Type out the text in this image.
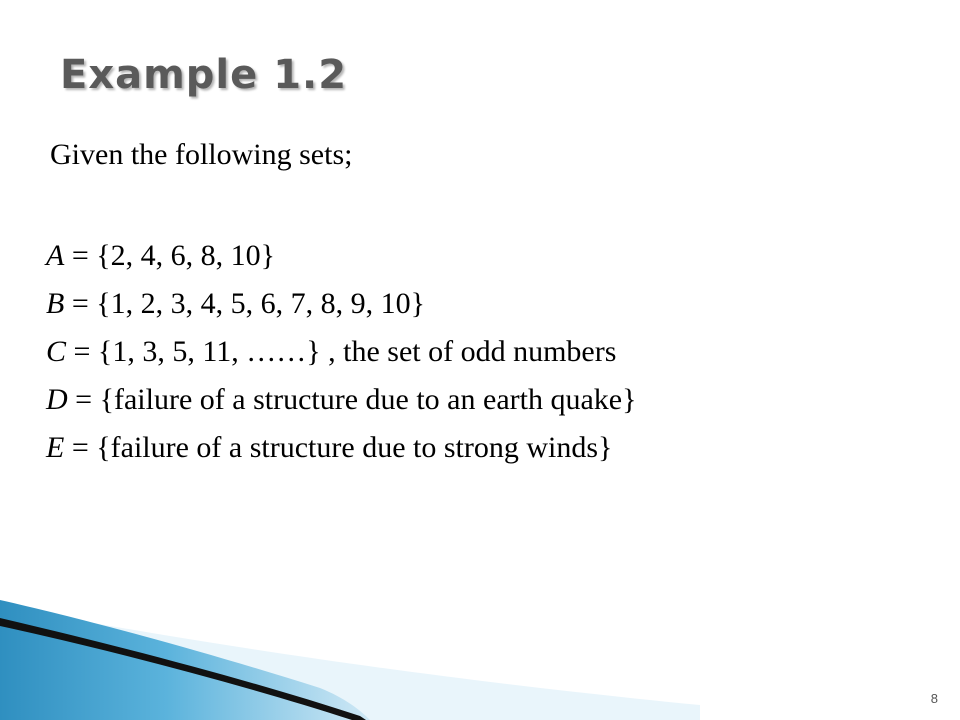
Example 1.2

Given the following sets;

A = {2, 4, 6, 8, 10}
B = {1, 2, 3, 4, 5, 6, 7, 8, 9, 10}
C = {1, 3, 5, 11, ……} , the set of odd numbers
D = {failure of a structure due to an earth quake}
E = {failure of a structure due to strong winds}
8
